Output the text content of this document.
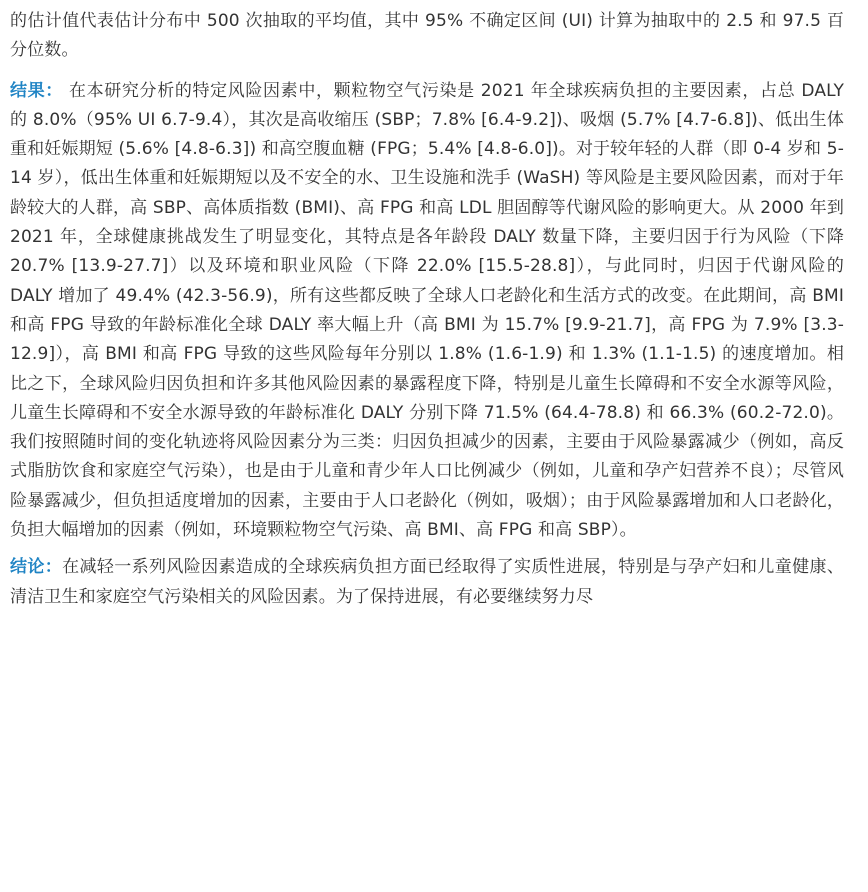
的估计值代表估计分布中 500 次抽取的平均值，其中 95% 不确定区间 (UI) 计算为抽取中的 2.5 和 97.5 百分位数。

结果： 在本研究分析的特定风险因素中，颗粒物空气污染是 2021 年全球疾病负担的主要因素，占总 DALY 的 8.0%（95% UI 6.7-9.4），其次是高收缩压 (SBP；7.8% [6.4-9.2])、吸烟 (5.7% [4.7-6.8])、低出生体重和妊娠期短 (5.6% [4.8-6.3]) 和高空腹血糖 (FPG；5.4% [4.8-6.0])。对于较年轻的人群（即 0-4 岁和 5-14 岁），低出生体重和妊娠期短以及不安全的水、卫生设施和洗手 (WaSH) 等风险是主要风险因素，而对于年龄较大的人群，高 SBP、高体质指数 (BMI)、高 FPG 和高 LDL 胆固醇等代谢风险的影响更大。从 2000 年到 2021 年，全球健康挑战发生了明显变化，其特点是各年龄段 DALY 数量下降，主要归因于行为风险（下降 20.7% [13.9-27.7]）以及环境和职业风险（下降 22.0% [15.5-28.8]），与此同时，归因于代谢风险的 DALY 增加了 49.4% (42.3-56.9)，所有这些都反映了全球人口老龄化和生活方式的改变。在此期间，高 BMI 和高 FPG 导致的年龄标准化全球 DALY 率大幅上升（高 BMI 为 15.7% [9.9-21.7]，高 FPG 为 7.9% [3.3-12.9]），高 BMI 和高 FPG 导致的这些风险每年分别以 1.8% (1.6-1.9) 和 1.3% (1.1-1.5) 的速度增加。相比之下，全球风险归因负担和许多其他风险因素的暴露程度下降，特别是儿童生长障碍和不安全水源等风险，儿童生长障碍和不安全水源导致的年龄标准化 DALY 分别下降 71.5% (64.4-78.8) 和 66.3% (60.2-72.0)。我们按照随时间的变化轨迹将风险因素分为三类：归因负担减少的因素，主要由于风险暴露减少（例如，高反式脂肪饮食和家庭空气污染），也是由于儿童和青少年人口比例减少（例如，儿童和孕产妇营养不良）；尽管风险暴露减少，但负担适度增加的因素，主要由于人口老龄化（例如，吸烟）；由于风险暴露增加和人口老龄化，负担大幅增加的因素（例如，环境颗粒物空气污染、高 BMI、高 FPG 和高 SBP）。

结论：在减轻一系列风险因素造成的全球疾病负担方面已经取得了实质性进展，特别是与孕产妇和儿童健康、清洁卫生和家庭空气污染相关的风险因素。为了保持进展，有必要继续努力尽
